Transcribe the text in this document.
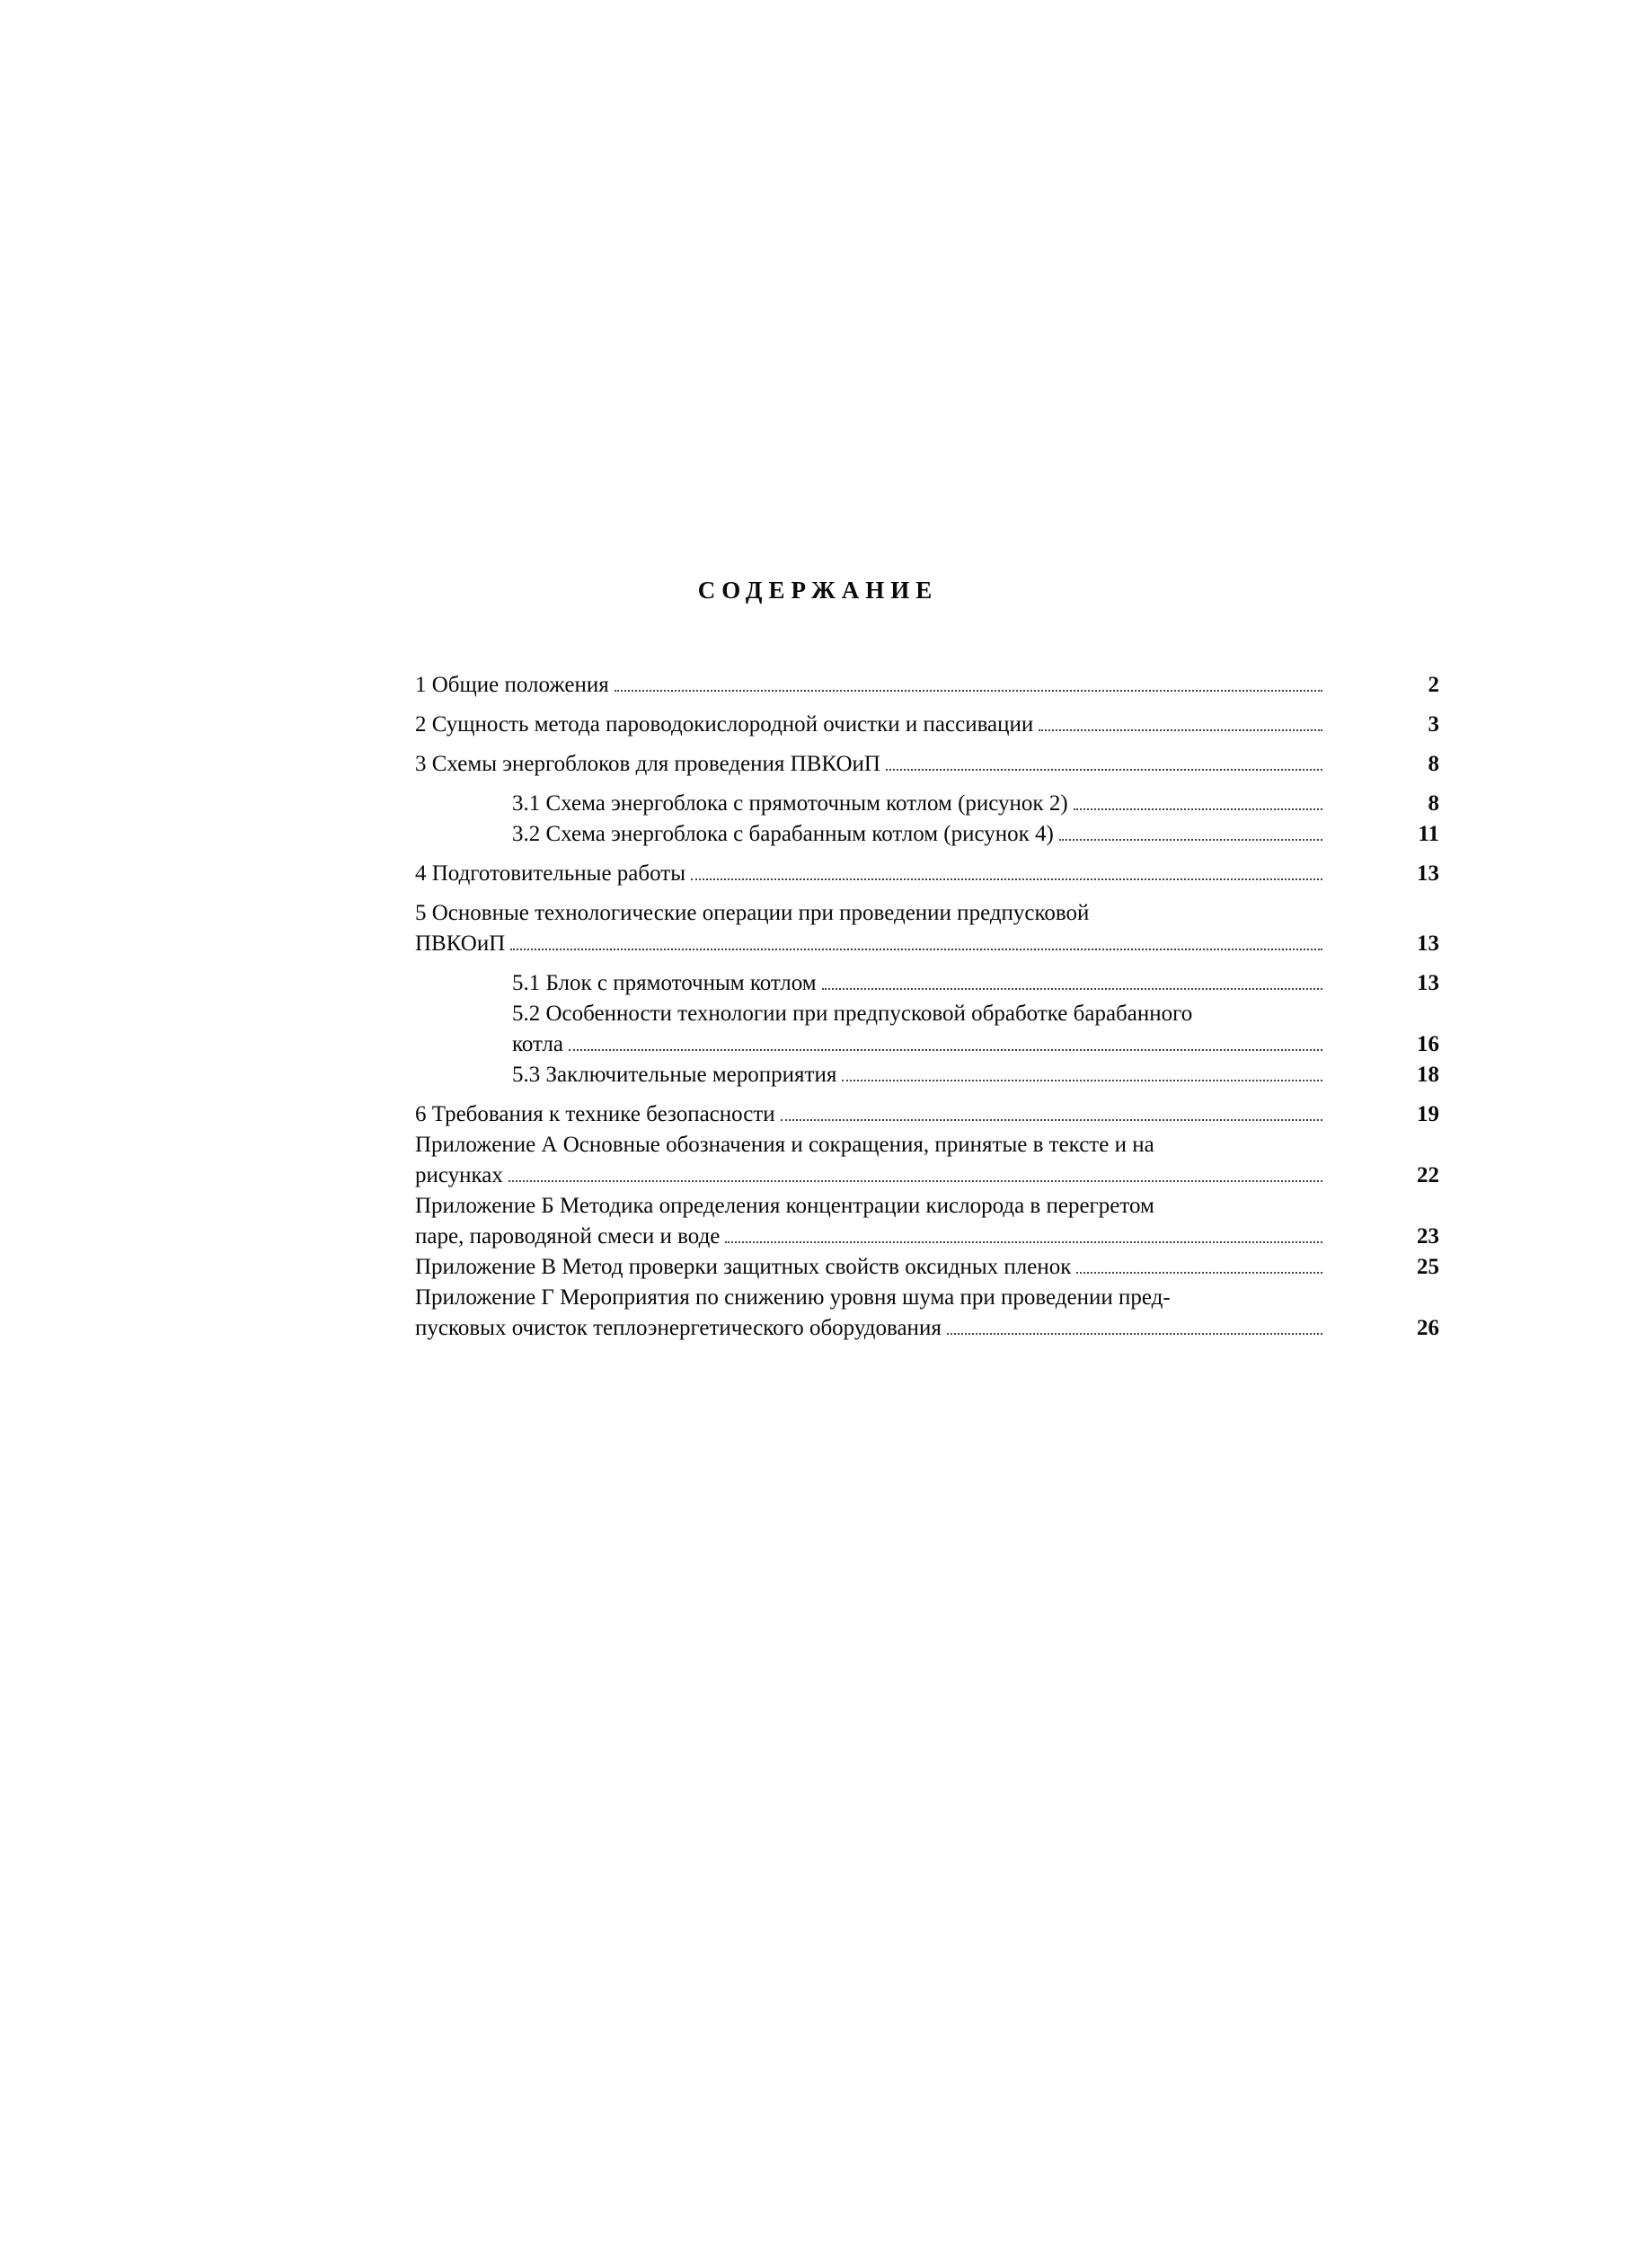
СОДЕРЖАНИЕ
1 Общие положения	2
2 Сущность метода пароводокислородной очистки и пассивации	3
3 Схемы энергоблоков для проведения ПВКОиП	8
3.1 Схема энергоблока с прямоточным котлом (рисунок 2)	8
3.2 Схема энергоблока с барабанным котлом (рисунок 4)	11
4 Подготовительные работы	13
5 Основные технологические операции при проведении предпусковой
ПВКОиП	13
5.1 Блок с прямоточным котлом	13
5.2 Особенности технологии при предпусковой обработке барабанного
котла	16
5.3 Заключительные мероприятия	18
6 Требования к технике безопасности	19
Приложение А Основные обозначения и сокращения, принятые в тексте и на
рисунках	22
Приложение Б Методика определения концентрации кислорода в перегретом
паре, пароводяной смеси и воде	23
Приложение В Метод проверки защитных свойств оксидных пленок	25
Приложение Г Мероприятия по снижению уровня шума при проведении пред-
пусковых очисток теплоэнергетического оборудования	26
